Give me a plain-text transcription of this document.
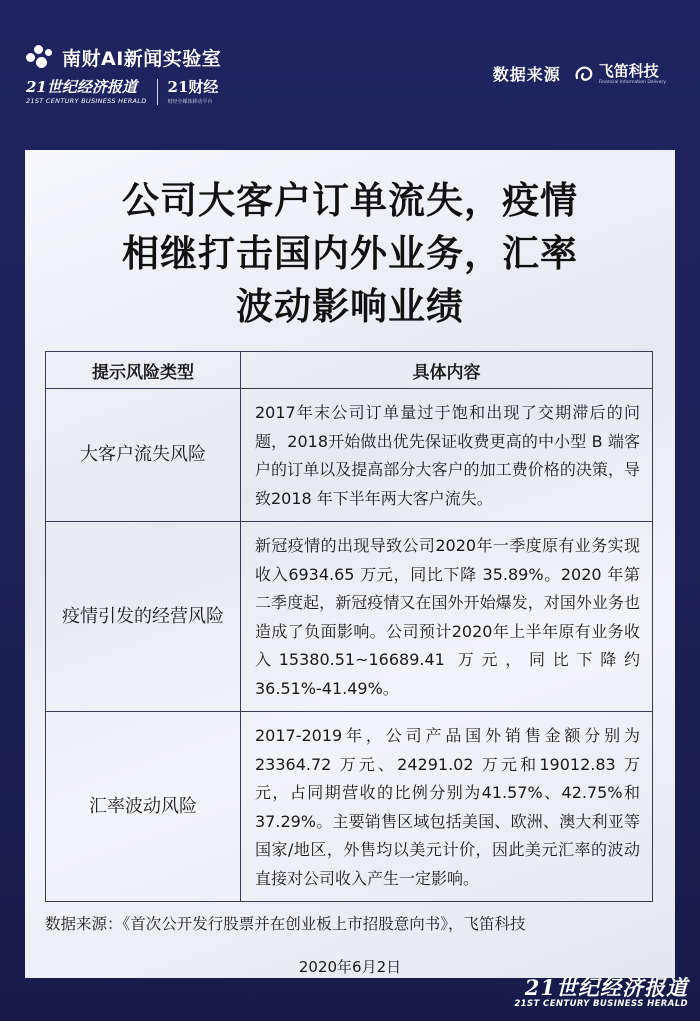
南财AI新闻实验室
21世纪经济报道
21ST CENTURY BUSINESS HERALD
21财经
财经全媒体移动平台
数据来源	飞笛科技
Financial Information Delivery
公司大客户订单流失，疫情
相继打击国内外业务，汇率
波动影响业绩
提示风险类型	具体内容
大客户流失风险	2017年末公司订单量过于饱和出现了交期滞后的问题，2018开始做出优先保证收费更高的中小型 B 端客户的订单以及提高部分大客户的加工费价格的决策，导致2018 年下半年两大客户流失。
疫情引发的经营风险	新冠疫情的出现导致公司2020年一季度原有业务实现收入6934.65 万元，同比下降 35.89%。2020 年第二季度起，新冠疫情又在国外开始爆发，对国外业务也造成了负面影响。公司预计2020年上半年原有业务收入15380.51~16689.41 万元，同比下降约 36.51%-41.49%。
汇率波动风险	2017-2019年，公司产品国外销售金额分别为23364.72 万元、24291.02 万元和19012.83 万元，占同期营收的比例分别为41.57%、42.75%和 37.29%。主要销售区域包括美国、欧洲、澳大利亚等国家/地区，外售均以美元计价，因此美元汇率的波动直接对公司收入产生一定影响。
数据来源：《首次公开发行股票并在创业板上市招股意向书》，飞笛科技
2020年6月2日
21世纪经济报道
21ST CENTURY BUSINESS HERALD
